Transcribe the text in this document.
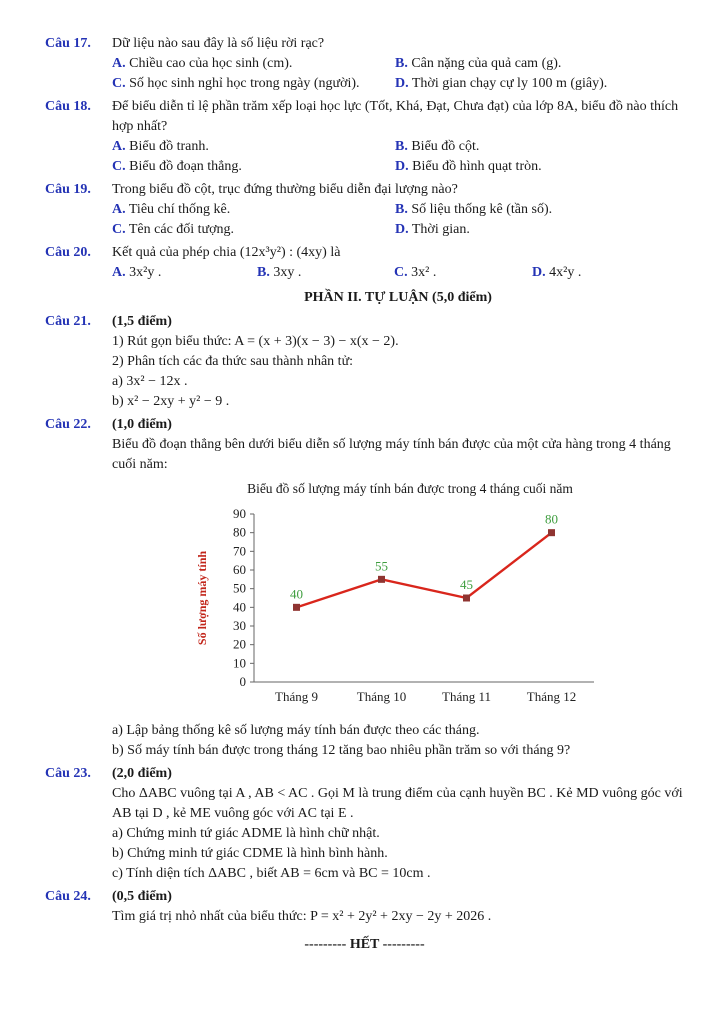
Câu 17.	Dữ liệu nào sau đây là số liệu rời rạc?
A. Chiều cao của học sinh (cm).	B. Cân nặng của quả cam (g).
C. Số học sinh nghỉ học trong ngày (người).	D. Thời gian chạy cự ly 100 m (giây).
Câu 18.	Để biểu diễn tỉ lệ phần trăm xếp loại học lực (Tốt, Khá, Đạt, Chưa đạt) của lớp 8A, biểu đồ nào thích hợp nhất?
A. Biểu đồ tranh.	B. Biểu đồ cột.
C. Biểu đồ đoạn thẳng.	D. Biểu đồ hình quạt tròn.
Câu 19.	Trong biểu đồ cột, trục đứng thường biểu diễn đại lượng nào?
A. Tiêu chí thống kê.	B. Số liệu thống kê (tần số).
C. Tên các đối tượng.	D. Thời gian.
Câu 20.	Kết quả của phép chia (12x³y²) : (4xy) là
A. 3x²y .	B. 3xy .	C. 3x² .	D. 4x²y .
PHẦN II. TỰ LUẬN (5,0 điểm)
Câu 21.	(1,5 điểm)
1) Rút gọn biểu thức: A = (x + 3)(x − 3) − x(x − 2).
2) Phân tích các đa thức sau thành nhân tử:
a) 3x² − 12x .
b) x² − 2xy + y² − 9 .
Câu 22.	(1,0 điểm)
Biểu đồ đoạn thẳng bên dưới biểu diễn số lượng máy tính bán được của một cửa hàng trong 4 tháng cuối năm:
Biểu đồ số lượng máy tính bán được trong 4 tháng cuối năm
0
10
20
30
40
50
60
70
80
90
40
Tháng 9
55
Tháng 10
45
Tháng 11
80
Tháng 12
Số lượng máy tính
a) Lập bảng thống kê số lượng máy tính bán được theo các tháng.
b) Số máy tính bán được trong tháng 12 tăng bao nhiêu phần trăm so với tháng 9?
Câu 23.	(2,0 điểm)
Cho ΔABC vuông tại A , AB < AC . Gọi M là trung điểm của cạnh huyền BC . Kẻ MD vuông góc với AB tại D , kẻ ME vuông góc với AC tại E .
a) Chứng minh tứ giác ADME là hình chữ nhật.
b) Chứng minh tứ giác CDME là hình bình hành.
c) Tính diện tích ΔABC , biết AB = 6cm và BC = 10cm .
Câu 24.	(0,5 điểm)
Tìm giá trị nhỏ nhất của biểu thức: P = x² + 2y² + 2xy − 2y + 2026 .
--------- HẾT ---------
